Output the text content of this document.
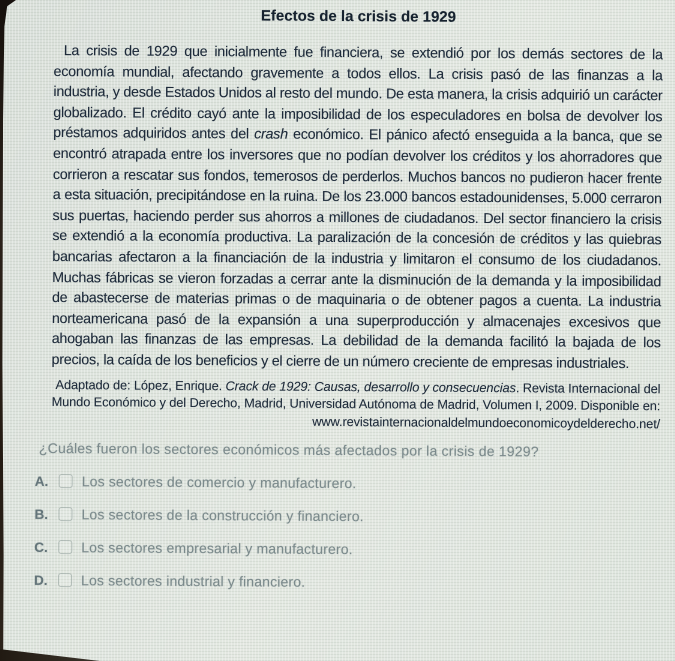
Efectos de la crisis de 1929

La crisis de 1929 que inicialmente fue financiera, se extendió por los demás sectores de la economía mundial, afectando gravemente a todos ellos. La crisis pasó de las finanzas a la industria, y desde Estados Unidos al resto del mundo. De esta manera, la crisis adquirió un carácter globalizado. El crédito cayó ante la imposibilidad de los especuladores en bolsa de devolver los préstamos adquiridos antes del crash económico. El pánico afectó enseguida a la banca, que se encontró atrapada entre los inversores que no podían devolver los créditos y los ahorradores que corrieron a rescatar sus fondos, temerosos de perderlos. Muchos bancos no pudieron hacer frente a esta situación, precipitándose en la ruina. De los 23.000 bancos estadounidenses, 5.000 cerraron sus puertas, haciendo perder sus ahorros a millones de ciudadanos. Del sector financiero la crisis se extendió a la economía productiva. La paralización de la concesión de créditos y las quiebras bancarias afectaron a la financiación de la industria y limitaron el consumo de los ciudadanos. Muchas fábricas se vieron forzadas a cerrar ante la disminución de la demanda y la imposibilidad de abastecerse de materias primas o de maquinaria o de obtener pagos a cuenta. La industria norteamericana pasó de la expansión a una superproducción y almacenajes excesivos que ahogaban las finanzas de las empresas. La debilidad de la demanda facilitó la bajada de los precios, la caída de los beneficios y el cierre de un número creciente de empresas industriales.

Adaptado de: López, Enrique. Crack de 1929: Causas, desarrollo y consecuencias. Revista Internacional del Mundo Económico y del Derecho, Madrid, Universidad Autónoma de Madrid, Volumen I, 2009. Disponible en: www.revistainternacionaldelmundoeconomicoydelderecho.net/

¿Cuáles fueron los sectores económicos más afectados por la crisis de 1929?
A.	Los sectores de comercio y manufacturero.
B.	Los sectores de la construcción y financiero.
C.	Los sectores empresarial y manufacturero.
D.	Los sectores industrial y financiero.
